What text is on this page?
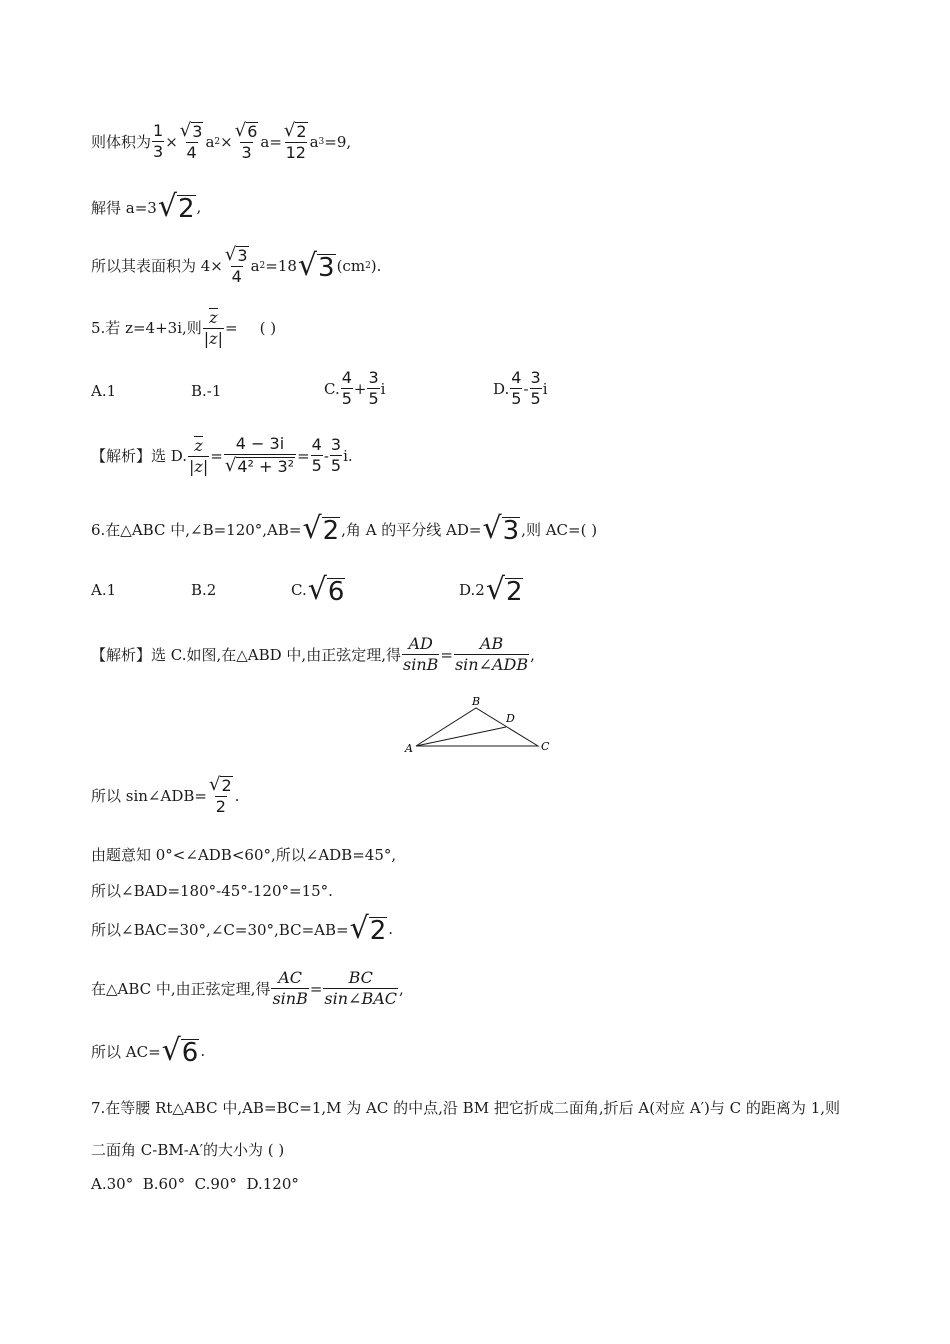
则体积为 $\frac{1}{3} \times \frac{√ 3}{4}$ a $2 \times \frac{√ 6}{3} a= \frac{√ 2}{12}$ a 3 =9,
解得 a=3 √ 2 ,
所以其表面积为 $4\times \frac{√ 3}{4}$ a 2 =18 √ 3 (cm 2 ).
5.若 z=4+3i,则 $\frac{z}{|z|}$ = ( )
A.1	B.-1	C. $\frac{4}{5} + \frac{3}{5}$ i	D. $\frac{4}{5} - \frac{3}{5}$ i
【解析】选 D. $\frac{z}{|z|} = \frac{4 - 3i}{\text{√ 4² + 3²}} = \frac{4}{5} - \frac{3}{5} i$.
6.在△ABC 中,∠B=120°,AB= √ 2 ,角 A 的平分线 AD= √ 3 ,则 AC=( )
A.1	B.2	C. √ 6	D.2 √ 2
【解析】选 C.如图,在△ABD 中,由正弦定理,得 $\frac{AD}{\sin B} = \frac{AB}{\text{sin∠ADB}}$ ,
A
B
C
D
所以 sin∠ADB= $\frac{√ 2}{2}$ .
由题意知 0°<∠ADB<60°,所以∠ADB=45°,
所以∠BAD=180°-45°-120°=15°.
所以∠BAC=30°,∠C=30°,BC=AB= √ 2 .
在△ABC 中,由正弦定理,得 $\frac{AC}{\sin B} = \frac{BC}{\text{sin∠BAC}}$ ,
所以 AC= √ 6 .
7.在等腰 Rt△ABC 中,AB=BC=1,M 为 AC 的中点,沿 BM 把它折成二面角,折后 A(对应 A′)与 C 的距离为 1,则
二面角 C-BM-A′的大小为 ( )
A.30°  B.60°  C.90°  D.120°
